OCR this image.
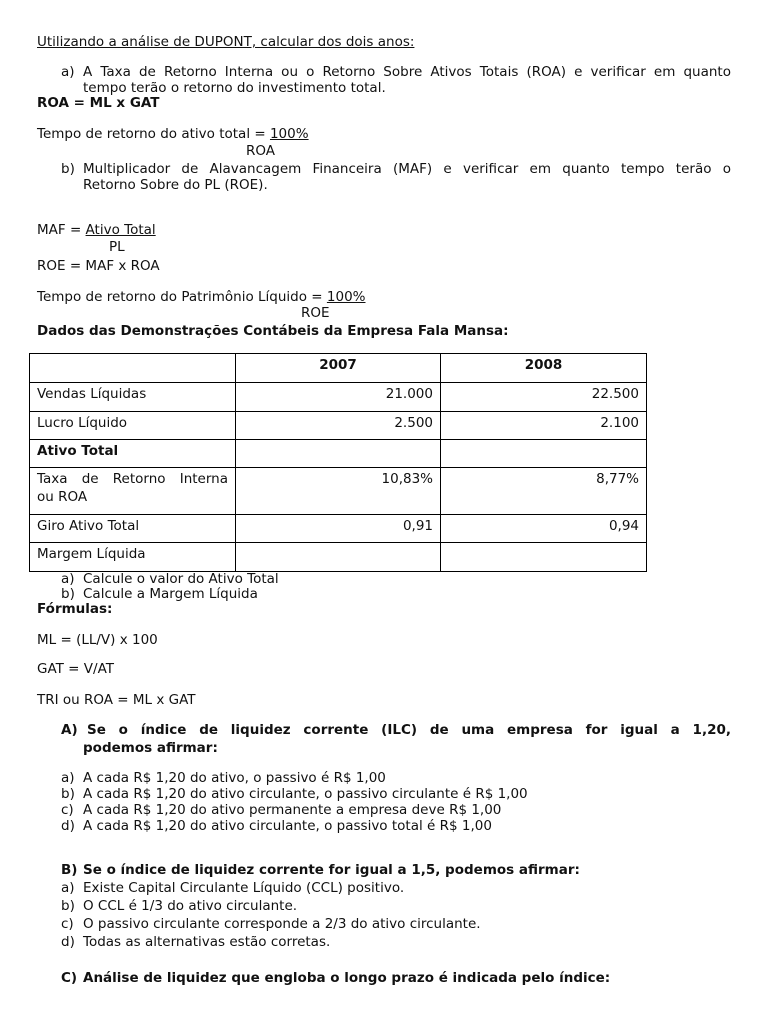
Utilizando a análise de DUPONT, calcular dos dois anos:
a) A Taxa de Retorno Interna ou o Retorno Sobre Ativos Totais (ROA) e verificar em quanto
tempo terão o retorno do investimento total.
ROA = ML x GAT
Tempo de retorno do ativo total = 100%
ROA
b) Multiplicador de Alavancagem Financeira (MAF) e verificar em quanto tempo terão o
Retorno Sobre do PL (ROE).
MAF = Ativo Total
PL
ROE = MAF x ROA
Tempo de retorno do Patrimônio Líquido = 100%
ROE
Dados das Demonstrações Contábeis da Empresa Fala Mansa:
	2007	2008
Vendas Líquidas	21.000	22.500
Lucro Líquido	2.500	2.100
Ativo Total		

Taxa de Retorno Interna
ou ROA	10,83%	8,77%
Giro Ativo Total	0,91	0,94
Margem Líquida		
a) Calcule o valor do Ativo Total
b) Calcule a Margem Líquida
Fórmulas:
ML = (LL/V) x 100
GAT = V/AT
TRI ou ROA = ML x GAT
A) Se o índice de liquidez corrente (ILC) de uma empresa for igual a 1,20,
podemos afirmar:
a) A cada R$ 1,20 do ativo, o passivo é R$ 1,00
b) A cada R$ 1,20 do ativo circulante, o passivo circulante é R$ 1,00
c) A cada R$ 1,20 do ativo permanente a empresa deve R$ 1,00
d) A cada R$ 1,20 do ativo circulante, o passivo total é R$ 1,00
B) Se o índice de liquidez corrente for igual a 1,5, podemos afirmar:
a) Existe Capital Circulante Líquido (CCL) positivo.
b) O CCL é 1/3 do ativo circulante.
c) O passivo circulante corresponde a 2/3 do ativo circulante.
d) Todas as alternativas estão corretas.
C) Análise de liquidez que engloba o longo prazo é indicada pelo índice:
